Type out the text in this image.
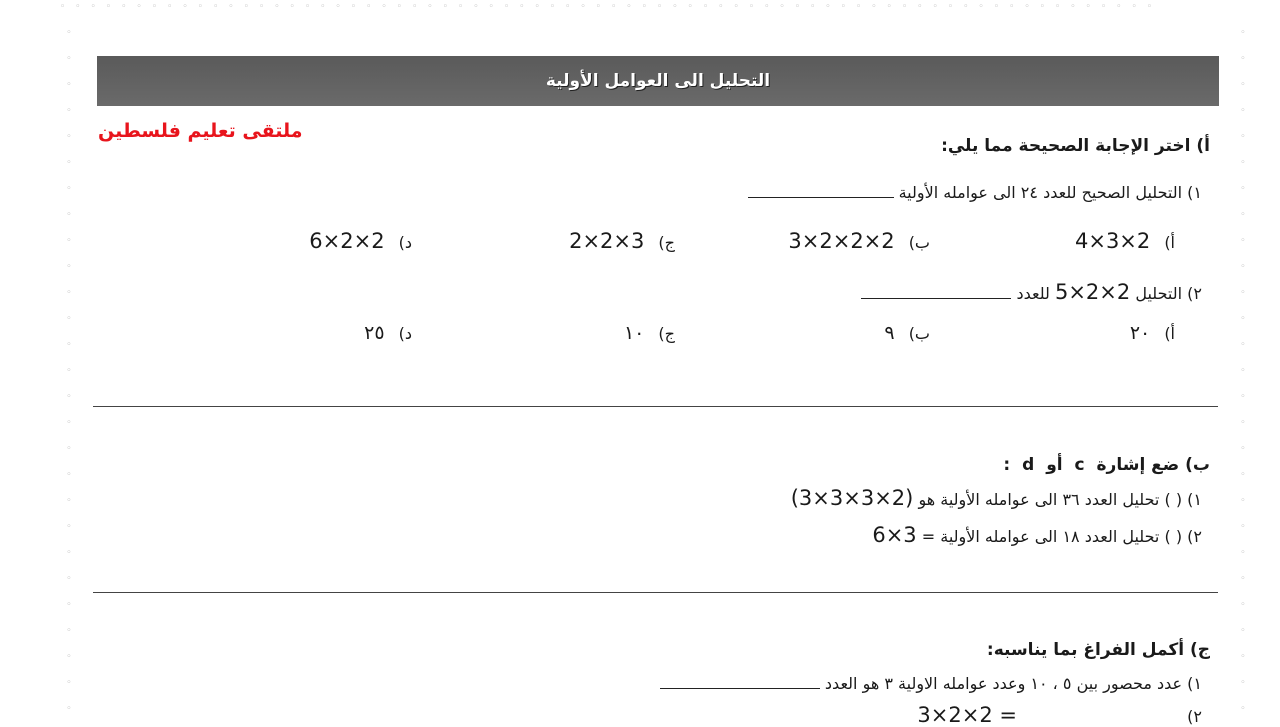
◦◦◦◦◦◦◦◦◦◦◦◦◦◦◦◦◦◦◦◦◦◦◦◦◦◦◦◦◦◦◦◦◦◦◦◦◦◦◦◦◦◦◦◦◦◦◦◦◦◦◦◦◦◦◦◦◦◦◦◦◦◦◦◦◦◦◦◦◦◦◦◦
◦
◦
◦
◦
◦
◦
◦
◦
◦
◦
◦
◦
◦
◦
◦
◦
◦
◦
◦
◦
◦
◦
◦
◦
◦
◦
◦
◦
◦
◦
◦
◦
◦
◦
◦
◦
◦
◦
◦
◦
◦
◦
◦
◦
◦
◦
◦
◦
◦
◦
◦
◦
◦
◦
التحليل الى العوامل الأولية
ملتقى تعليم فلسطين
أ) اختر الإجابة الصحيحة مما يلي:
١) التحليل الصحيح للعدد ٢٤ الى عوامله الأولية
أ) 4×3×2
ب) 3×2×2×2
ج) 2×2×3
د) 6×2×2
٢) التحليل 5×2×2 للعدد
أ) ٢٠
ب) ٩
ج) ١٠
د) ٢٥
ب) ضع إشارة c أو d :
١) ( ) تحليل العدد ٣٦ الى عوامله الأولية هو (3×3×3×2)
٢) ( ) تحليل العدد ١٨ الى عوامله الأولية = 6×3
ج) أكمل الفراغ بما يناسبه:
١) عدد محصور بين ٥ ، ١٠ وعدد عوامله الاولية ٣ هو العدد
٢)  3×2×2 =
